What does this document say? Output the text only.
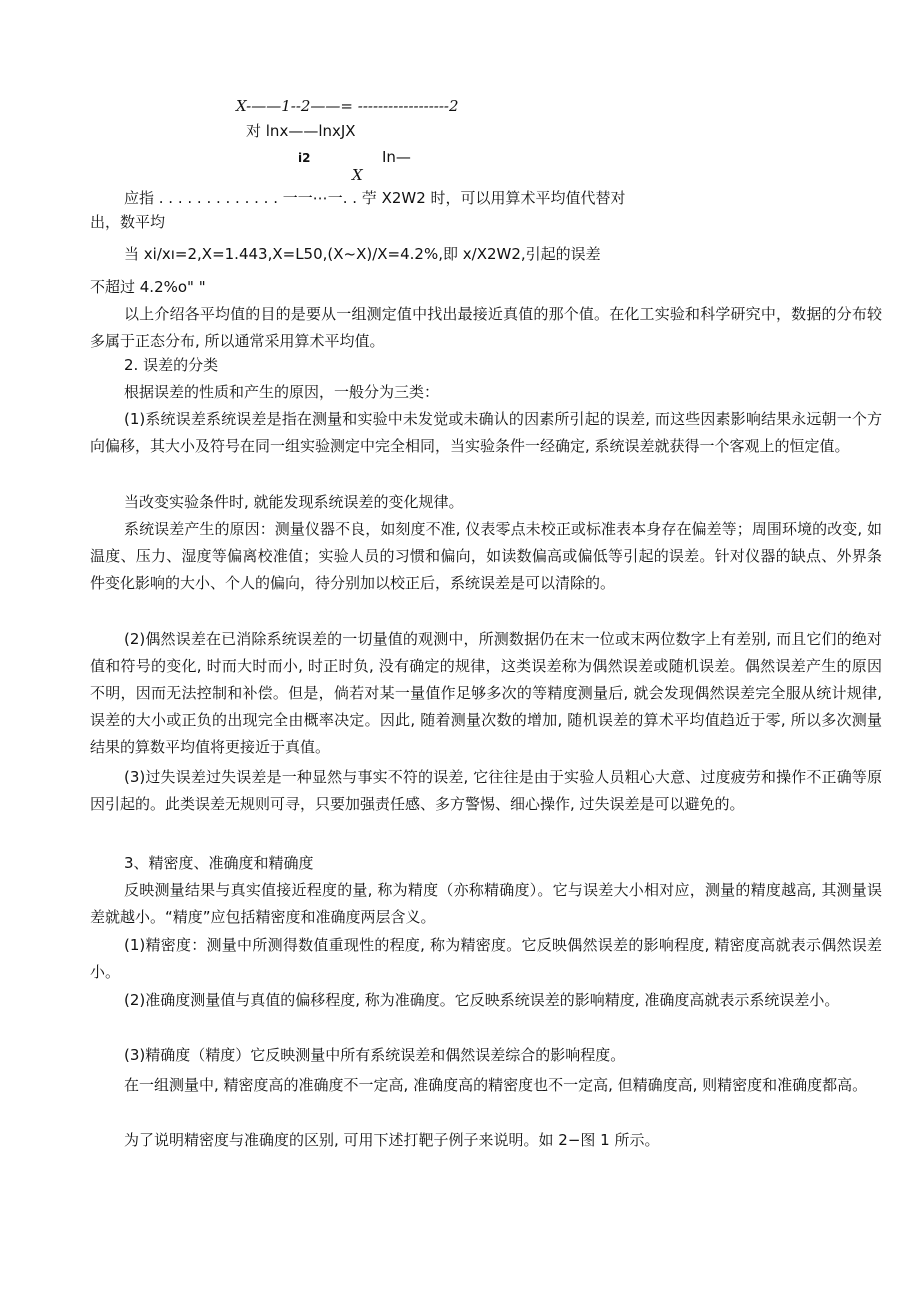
X-——1--2——= ------------------2
对 lnx——lnxJX
i2	In—
X
应指 . . . . . . . . . . . . . 一一⋯一. . 苧 X2W2 时，可以用算术平均值代替对
出，数平均
当 xi/xı=2,X=1.443,X=L50,(X~X)/X=4.2%,即 x/X2W2,引起的误差
不超过 4.2%o" "

以上介绍各平均值的目的是要从一组测定值中找出最接近真值的那个值。在化工实验和科学研究中，数据的分布较多属于正态分布, 所以通常采用算术平均值。

2. 误差的分类
根据误差的性质和产生的原因，一般分为三类：
(1)系统误差系统误差是指在测量和实验中未发觉或未确认的因素所引起的误差, 而这些因素影响结果永远朝一个方向偏移，其大小及符号在同一组实验测定中完全相同，当实验条件一经确定, 系统误差就获得一个客观上的恒定值。
当改变实验条件时, 就能发现系统误差的变化规律。
系统误差产生的原因：测量仪器不良，如刻度不准, 仪表零点未校正或标准表本身存在偏差等；周围环境的改变, 如温度、压力、湿度等偏离校准值；实验人员的习惯和偏向，如读数偏高或偏低等引起的误差。针对仪器的缺点、外界条件变化影响的大小、个人的偏向，待分别加以校正后，系统误差是可以清除的。
(2)偶然误差在已消除系统误差的一切量值的观测中，所测数据仍在末一位或末两位数字上有差别, 而且它们的绝对值和符号的变化, 时而大时而小, 时正时负, 没有确定的规律，这类误差称为偶然误差或随机误差。偶然误差产生的原因不明，因而无法控制和补偿。但是，倘若对某一量值作足够多次的等精度测量后, 就会发现偶然误差完全服从统计规律, 误差的大小或正负的出现完全由概率决定。因此, 随着测量次数的增加, 随机误差的算术平均值趋近于零, 所以多次测量结果的算数平均值将更接近于真值。
(3)过失误差过失误差是一种显然与事实不符的误差, 它往往是由于实验人员粗心大意、过度疲劳和操作不正确等原因引起的。此类误差无规则可寻，只要加强责任感、多方警惕、细心操作, 过失误差是可以避免的。
3、精密度、准确度和精确度
反映测量结果与真实值接近程度的量, 称为精度（亦称精确度）。它与误差大小相对应，测量的精度越高, 其测量误差就越小。“精度”应包括精密度和准确度两层含义。
(1)精密度：测量中所测得数值重现性的程度, 称为精密度。它反映偶然误差的影响程度, 精密度高就表示偶然误差小。
(2)准确度测量值与真值的偏移程度, 称为准确度。它反映系统误差的影响精度, 准确度高就表示系统误差小。
(3)精确度（精度）它反映测量中所有系统误差和偶然误差综合的影响程度。
在一组测量中, 精密度高的准确度不一定高, 准确度高的精密度也不一定高, 但精确度高, 则精密度和准确度都高。
为了说明精密度与准确度的区别, 可用下述打靶子例子来说明。如 2−图 1 所示。
